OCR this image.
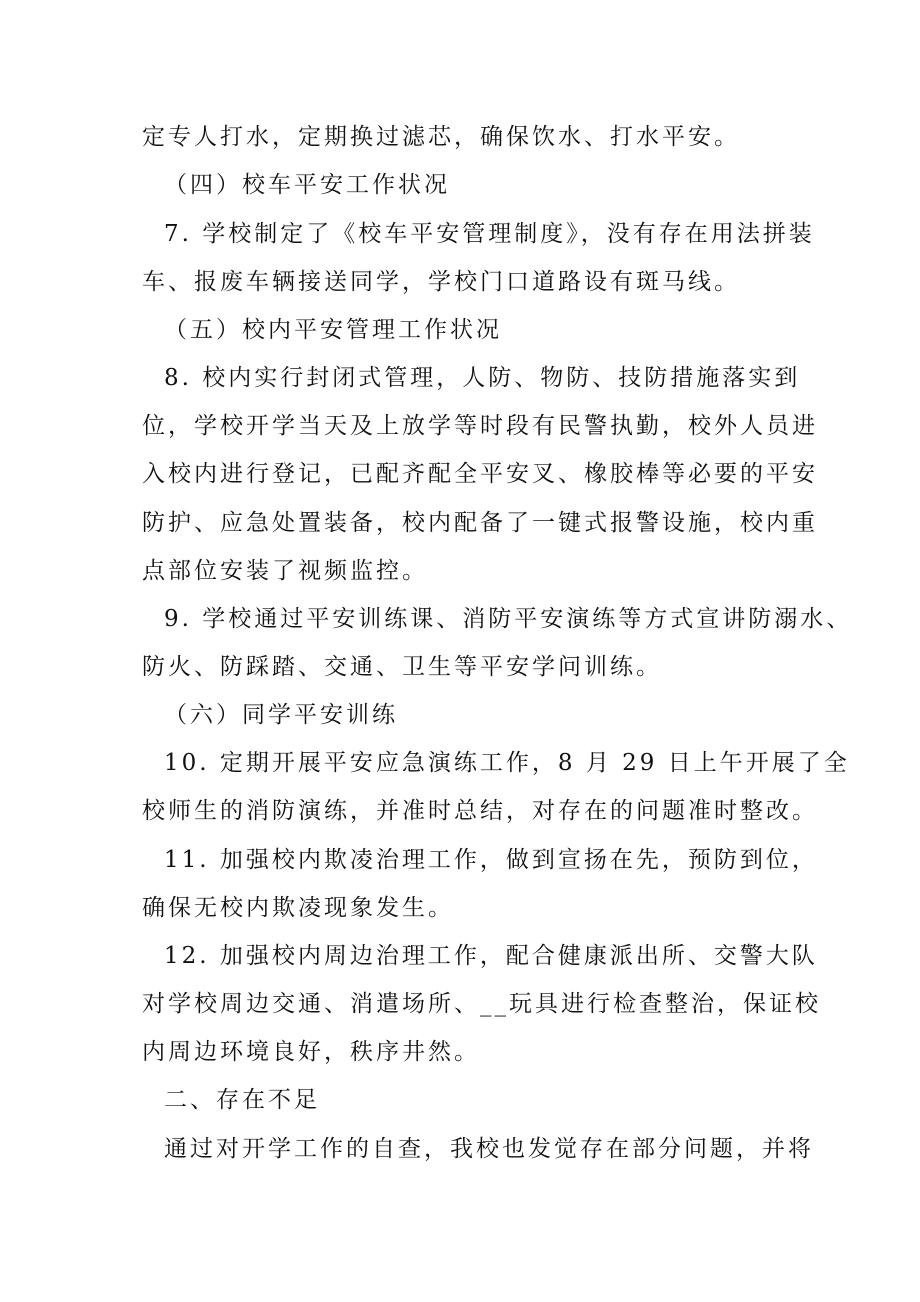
定专人打水，定期换过滤芯，确保饮水、打水平安。
（四）校车平安工作状况
7. 学校制定了《校车平安管理制度》，没有存在用法拼装
车、报废车辆接送同学，学校门口道路设有斑马线。
（五）校内平安管理工作状况
8. 校内实行封闭式管理，人防、物防、技防措施落实到
位，学校开学当天及上放学等时段有民警执勤，校外人员进
入校内进行登记，已配齐配全平安叉、橡胶棒等必要的平安
防护、应急处置装备，校内配备了一键式报警设施，校内重
点部位安装了视频监控。
9. 学校通过平安训练课、消防平安演练等方式宣讲防溺水、
防火、防踩踏、交通、卫生等平安学问训练。
（六）同学平安训练
10. 定期开展平安应急演练工作，8 月 29 日上午开展了全
校师生的消防演练，并准时总结，对存在的问题准时整改。
11. 加强校内欺凌治理工作，做到宣扬在先，预防到位，
确保无校内欺凌现象发生。
12. 加强校内周边治理工作，配合健康派出所、交警大队
对学校周边交通、消遣场所、__玩具进行检查整治，保证校
内周边环境良好，秩序井然。
二、存在不足
通过对开学工作的自查，我校也发觉存在部分问题，并将
